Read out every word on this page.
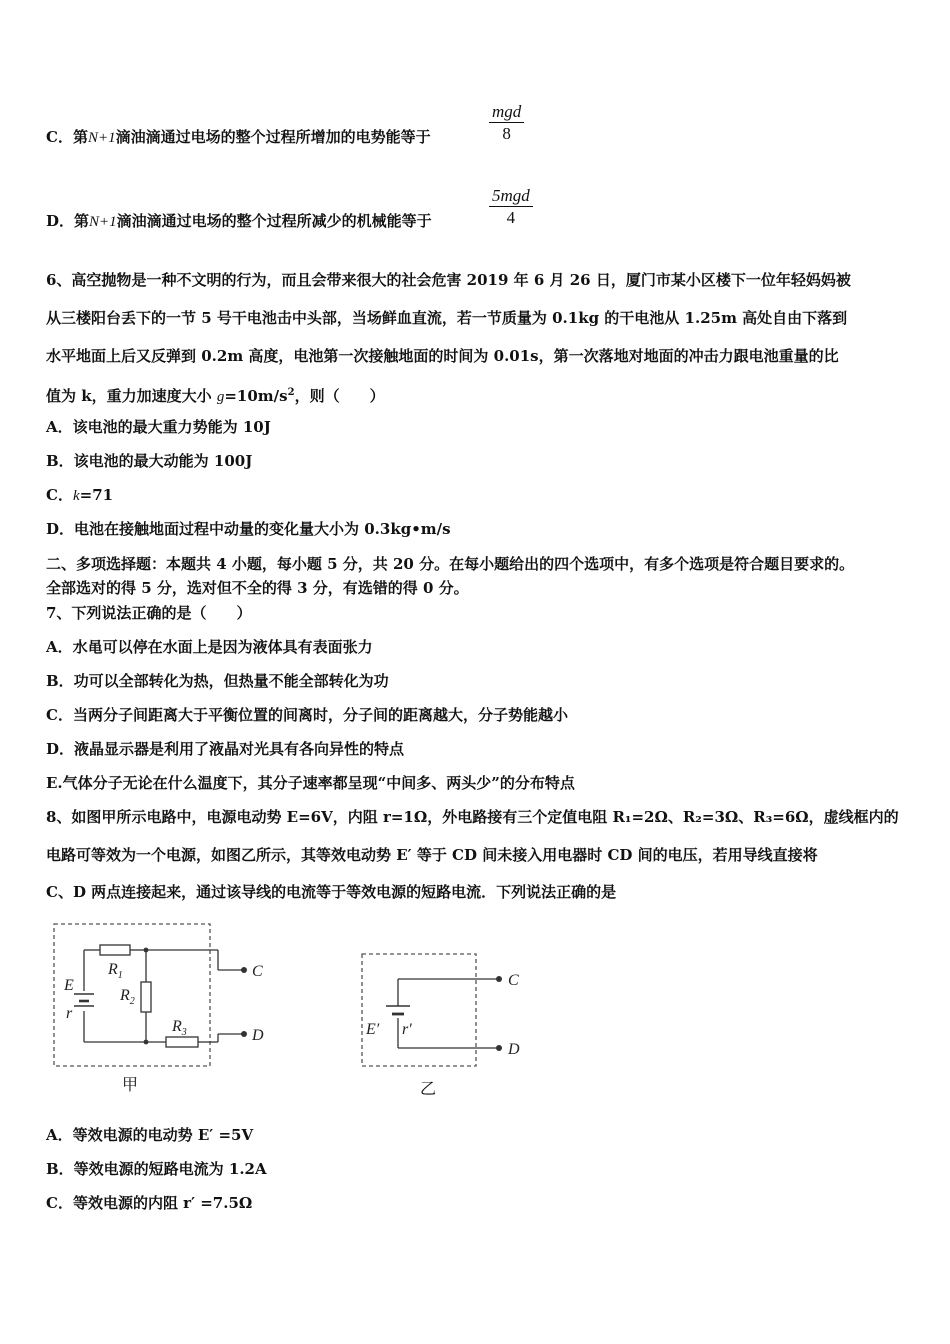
C．第N+1滴油滴通过电场的整个过程所增加的电势能等于
mgd
8
D．第N+1滴油滴通过电场的整个过程所减少的机械能等于
5mgd
4
6、高空抛物是一种不文明的行为，而且会带来很大的社会危害 2019 年 6 月 26 日，厦门市某小区楼下一位年轻妈妈被
从三楼阳台丢下的一节 5 号干电池击中头部，当场鲜血直流，若一节质量为 0.1kg 的干电池从 1.25m 高处自由下落到
水平地面上后又反弹到 0.2m 高度，电池第一次接触地面的时间为 0.01s，第一次落地对地面的冲击力跟电池重量的比
值为 k，重力加速度大小 $g=10m/s^2$，则（　　）
A．该电池的最大重力势能为 10J
B．该电池的最大动能为 100J
C．k=71
D．电池在接触地面过程中动量的变化量大小为 0.3kg•m/s
二、多项选择题：本题共 4 小题，每小题 5 分，共 20 分。在每小题给出的四个选项中，有多个选项是符合题目要求的。
全部选对的得 5 分，选对但不全的得 3 分，有选错的得 0 分。
7、下列说法正确的是（　　）
A．水黾可以停在水面上是因为液体具有表面张力
B．功可以全部转化为热，但热量不能全部转化为功
C．当两分子间距离大于平衡位置的间离时，分子间的距离越大，分子势能越小
D．液晶显示器是利用了液晶对光具有各向异性的特点
E.气体分子无论在什么温度下，其分子速率都呈现“中间多、两头少”的分布特点
8、如图甲所示电路中，电源电动势 E=6V，内阻 r=1Ω，外电路接有三个定值电阻 R₁=2Ω、R₂=3Ω、R₃=6Ω，虚线框内的
电路可等效为一个电源，如图乙所示，其等效电动势 E′ 等于 CD 间未接入用电器时 CD 间的电压，若用导线直接将
C、D 两点连接起来，通过该导线的电流等于等效电源的短路电流．下列说法正确的是
E
r
$R_1$
$R_2$
$R_3$
C
D
甲
E′ r′
C
D
乙
A．等效电源的电动势 E′ =5V
B．等效电源的短路电流为 1.2A
C．等效电源的内阻 r′ =7.5Ω
